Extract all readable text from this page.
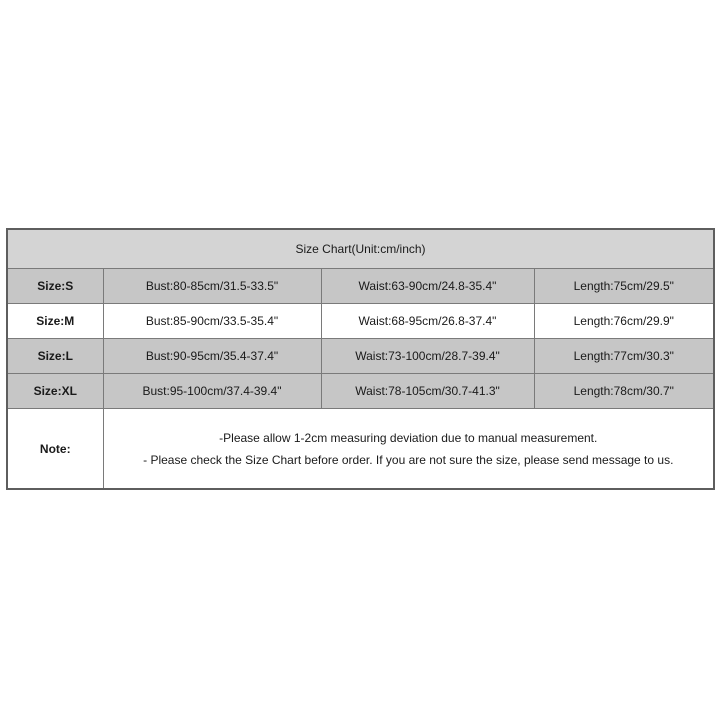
Size Chart(Unit:cm/inch)			
Size:S	Bust:80-85cm/31.5-33.5"	Waist:63-90cm/24.8-35.4"	Length:75cm/29.5"
Size:M	Bust:85-90cm/33.5-35.4"	Waist:68-95cm/26.8-37.4"	Length:76cm/29.9"
Size:L	Bust:90-95cm/35.4-37.4"	Waist:73-100cm/28.7-39.4"	Length:77cm/30.3"
Size:XL	Bust:95-100cm/37.4-39.4"	Waist:78-105cm/30.7-41.3"	Length:78cm/30.7"
Note:	-Please allow 1-2cm measuring deviation due to manual measurement.
- Please check the Size Chart before order. If you are not sure the size, please send message to us.		
